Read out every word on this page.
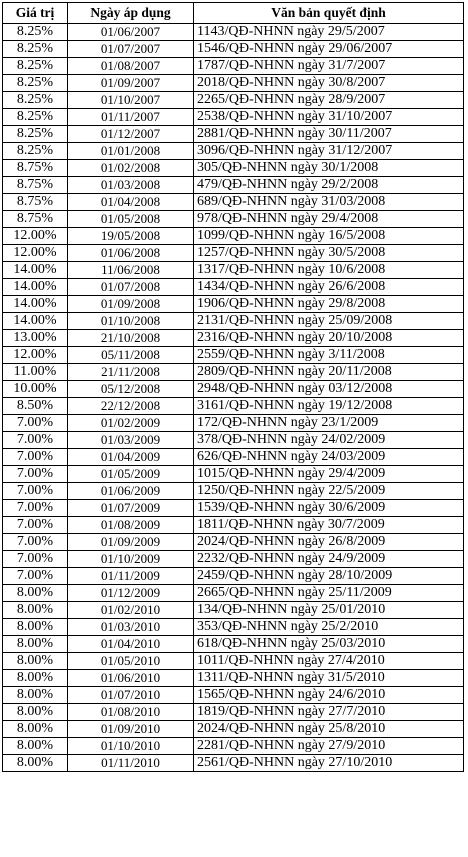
Giá trị	Ngày áp dụng	Văn bản quyết định
8.25%	01/06/2007	1143/QĐ-NHNN ngày 29/5/2007
8.25%	01/07/2007	1546/QĐ-NHNN ngày 29/06/2007
8.25%	01/08/2007	1787/QĐ-NHNN ngày 31/7/2007
8.25%	01/09/2007	2018/QĐ-NHNN ngày 30/8/2007
8.25%	01/10/2007	2265/QĐ-NHNN ngày 28/9/2007
8.25%	01/11/2007	2538/QĐ-NHNN ngày 31/10/2007
8.25%	01/12/2007	2881/QĐ-NHNN ngày 30/11/2007
8.25%	01/01/2008	3096/QĐ-NHNN ngày 31/12/2007
8.75%	01/02/2008	305/QĐ-NHNN ngày 30/1/2008
8.75%	01/03/2008	479/QĐ-NHNN ngày 29/2/2008
8.75%	01/04/2008	689/QĐ-NHNN ngày 31/03/2008
8.75%	01/05/2008	978/QĐ-NHNN ngày 29/4/2008
12.00%	19/05/2008	1099/QĐ-NHNN ngày 16/5/2008
12.00%	01/06/2008	1257/QĐ-NHNN ngày 30/5/2008
14.00%	11/06/2008	1317/QĐ-NHNN ngày 10/6/2008
14.00%	01/07/2008	1434/QĐ-NHNN ngày 26/6/2008
14.00%	01/09/2008	1906/QĐ-NHNN ngày 29/8/2008
14.00%	01/10/2008	2131/QĐ-NHNN ngày 25/09/2008
13.00%	21/10/2008	2316/QĐ-NHNN ngày 20/10/2008
12.00%	05/11/2008	2559/QĐ-NHNN ngày 3/11/2008
11.00%	21/11/2008	2809/QĐ-NHNN ngày 20/11/2008
10.00%	05/12/2008	2948/QĐ-NHNN ngày 03/12/2008
8.50%	22/12/2008	3161/QĐ-NHNN ngày 19/12/2008
7.00%	01/02/2009	172/QĐ-NHNN ngày 23/1/2009
7.00%	01/03/2009	378/QĐ-NHNN ngày 24/02/2009
7.00%	01/04/2009	626/QĐ-NHNN ngày 24/03/2009
7.00%	01/05/2009	1015/QĐ-NHNN ngày 29/4/2009
7.00%	01/06/2009	1250/QĐ-NHNN ngày 22/5/2009
7.00%	01/07/2009	1539/QĐ-NHNN ngày 30/6/2009
7.00%	01/08/2009	1811/QĐ-NHNN ngày 30/7/2009
7.00%	01/09/2009	2024/QĐ-NHNN ngày 26/8/2009
7.00%	01/10/2009	2232/QĐ-NHNN ngày 24/9/2009
7.00%	01/11/2009	2459/QĐ-NHNN ngày 28/10/2009
8.00%	01/12/2009	2665/QĐ-NHNN ngày 25/11/2009
8.00%	01/02/2010	134/QĐ-NHNN ngày 25/01/2010
8.00%	01/03/2010	353/QĐ-NHNN ngày 25/2/2010
8.00%	01/04/2010	618/QĐ-NHNN ngày 25/03/2010
8.00%	01/05/2010	1011/QĐ-NHNN ngày 27/4/2010
8.00%	01/06/2010	1311/QĐ-NHNN ngày 31/5/2010
8.00%	01/07/2010	1565/QĐ-NHNN ngày 24/6/2010
8.00%	01/08/2010	1819/QĐ-NHNN ngày 27/7/2010
8.00%	01/09/2010	2024/QĐ-NHNN ngày 25/8/2010
8.00%	01/10/2010	2281/QĐ-NHNN ngày 27/9/2010
8.00%	01/11/2010	2561/QĐ-NHNN ngày 27/10/2010
